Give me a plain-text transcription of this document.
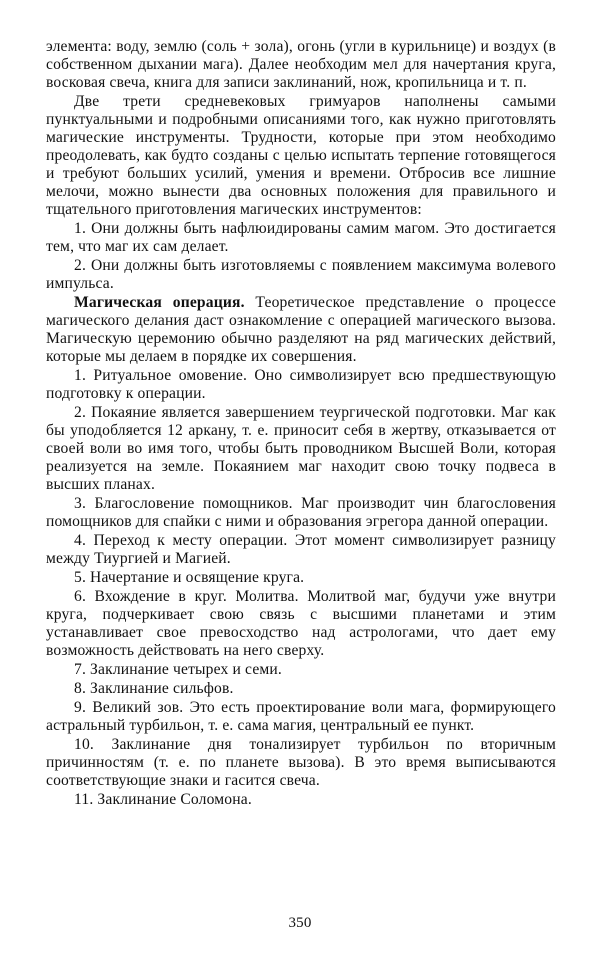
элемента: воду, землю (соль + зола), огонь (угли в курильнице) и воздух (в собственном дыхании мага). Далее необходим мел для начертания круга, восковая свеча, книга для записи заклинаний, нож, кропильница и т. п.

Две трети средневековых гримуаров наполнены самыми пунктуальными и подробными описаниями того, как нужно приготовлять магические инструменты. Трудности, которые при этом необходимо преодолевать, как будто созданы с целью испытать терпение готовящегося и требуют больших усилий, умения и времени. Отбросив все лишние мелочи, можно вынести два основных положения для правильного и тщательного приготовления магических инструментов:

1. Они должны быть нафлюидированы самим магом. Это достигается тем, что маг их сам делает.

2. Они должны быть изготовляемы с появлением максимума волевого импульса.

Магическая операция. Теоретическое представление о процессе магического делания даст ознакомление с операцией магического вызова. Магическую церемонию обычно разделяют на ряд магических действий, которые мы делаем в порядке их совершения.

1. Ритуальное омовение. Оно символизирует всю предшествующую подготовку к операции.

2. Покаяние является завершением теургической подготовки. Маг как бы уподобляется 12 аркану, т. е. приносит себя в жертву, отказывается от своей воли во имя того, чтобы быть проводником Высшей Воли, которая реализуется на земле. Покаянием маг находит свою точку подвеса в высших планах.

3. Благословение помощников. Маг производит чин благословения помощников для спайки с ними и образования эгрегора данной операции.

4. Переход к месту операции. Этот момент символизирует разницу между Тиургией и Магией.

5. Начертание и освящение круга.

6. Вхождение в круг. Молитва. Молитвой маг, будучи уже внутри круга, подчеркивает свою связь с высшими планетами и этим устанавливает свое превосходство над астрологами, что дает ему возможность действовать на него сверху.

7. Заклинание четырех и семи.

8. Заклинание сильфов.

9. Великий зов. Это есть проектирование воли мага, формирующего астральный турбильон, т. е. сама магия, центральный ее пункт.

10. Заклинание дня тонализирует турбильон по вторичным причинностям (т. е. по планете вызова). В это время выписываются соответствующие знаки и гасится свеча.

11. Заклинание Соломона.

350
